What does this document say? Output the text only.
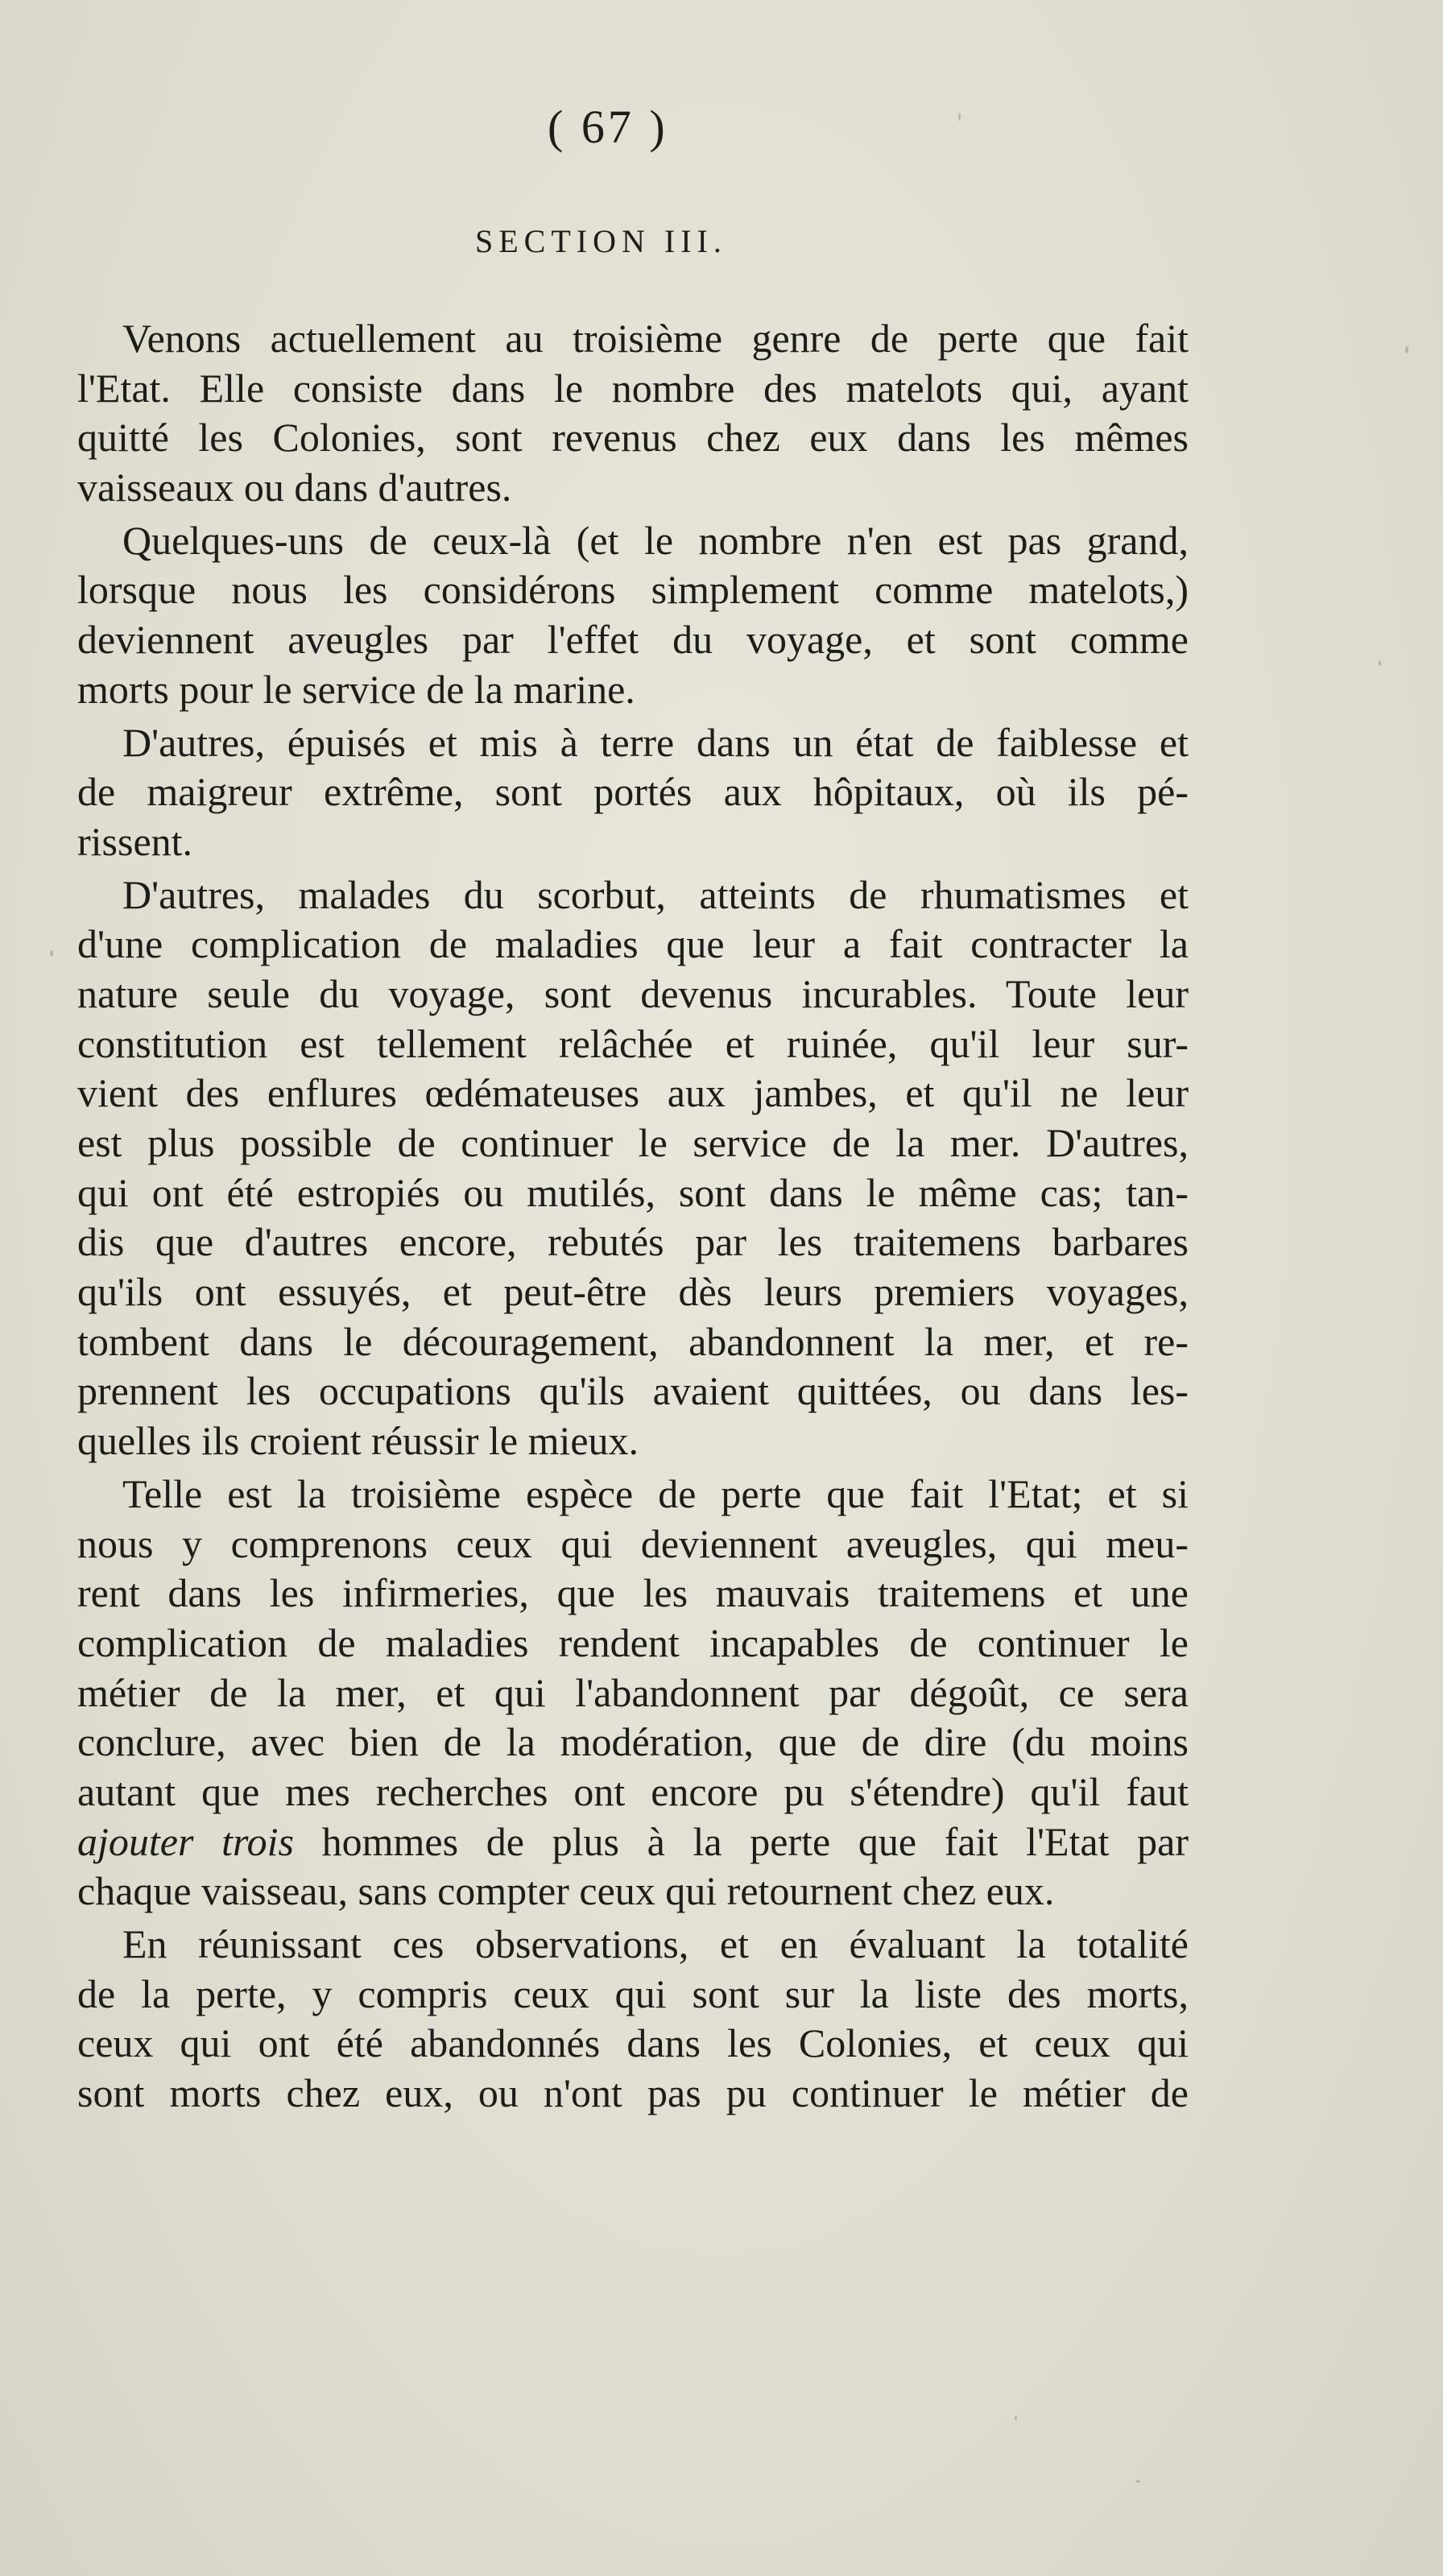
( 67 )
SECTION III.
Venons actuellement au troisième genre de perte que fait
l'Etat. Elle consiste dans le nombre des matelots qui, ayant
quitté les Colonies, sont revenus chez eux dans les mêmes
vaisseaux ou dans d'autres.
Quelques-uns de ceux-là (et le nombre n'en est pas grand,
lorsque nous les considérons simplement comme matelots,)
deviennent aveugles par l'effet du voyage, et sont comme
morts pour le service de la marine.
D'autres, épuisés et mis à terre dans un état de faiblesse et
de maigreur extrême, sont portés aux hôpitaux, où ils pé-
rissent.
D'autres, malades du scorbut, atteints de rhumatismes et
d'une complication de maladies que leur a fait contracter la
nature seule du voyage, sont devenus incurables. Toute leur
constitution est tellement relâchée et ruinée, qu'il leur sur-
vient des enflures œdémateuses aux jambes, et qu'il ne leur
est plus possible de continuer le service de la mer. D'autres,
qui ont été estropiés ou mutilés, sont dans le même cas; tan-
dis que d'autres encore, rebutés par les traitemens barbares
qu'ils ont essuyés, et peut-être dès leurs premiers voyages,
tombent dans le découragement, abandonnent la mer, et re-
prennent les occupations qu'ils avaient quittées, ou dans les-
quelles ils croient réussir le mieux.
Telle est la troisième espèce de perte que fait l'Etat; et si
nous y comprenons ceux qui deviennent aveugles, qui meu-
rent dans les infirmeries, que les mauvais traitemens et une
complication de maladies rendent incapables de continuer le
métier de la mer, et qui l'abandonnent par dégoût, ce sera
conclure, avec bien de la modération, que de dire (du moins
autant que mes recherches ont encore pu s'étendre) qu'il faut
ajouter trois hommes de plus à la perte que fait l'Etat par
chaque vaisseau, sans compter ceux qui retournent chez eux.
En réunissant ces observations, et en évaluant la totalité
de la perte, y compris ceux qui sont sur la liste des morts,
ceux qui ont été abandonnés dans les Colonies, et ceux qui
sont morts chez eux, ou n'ont pas pu continuer le métier de
